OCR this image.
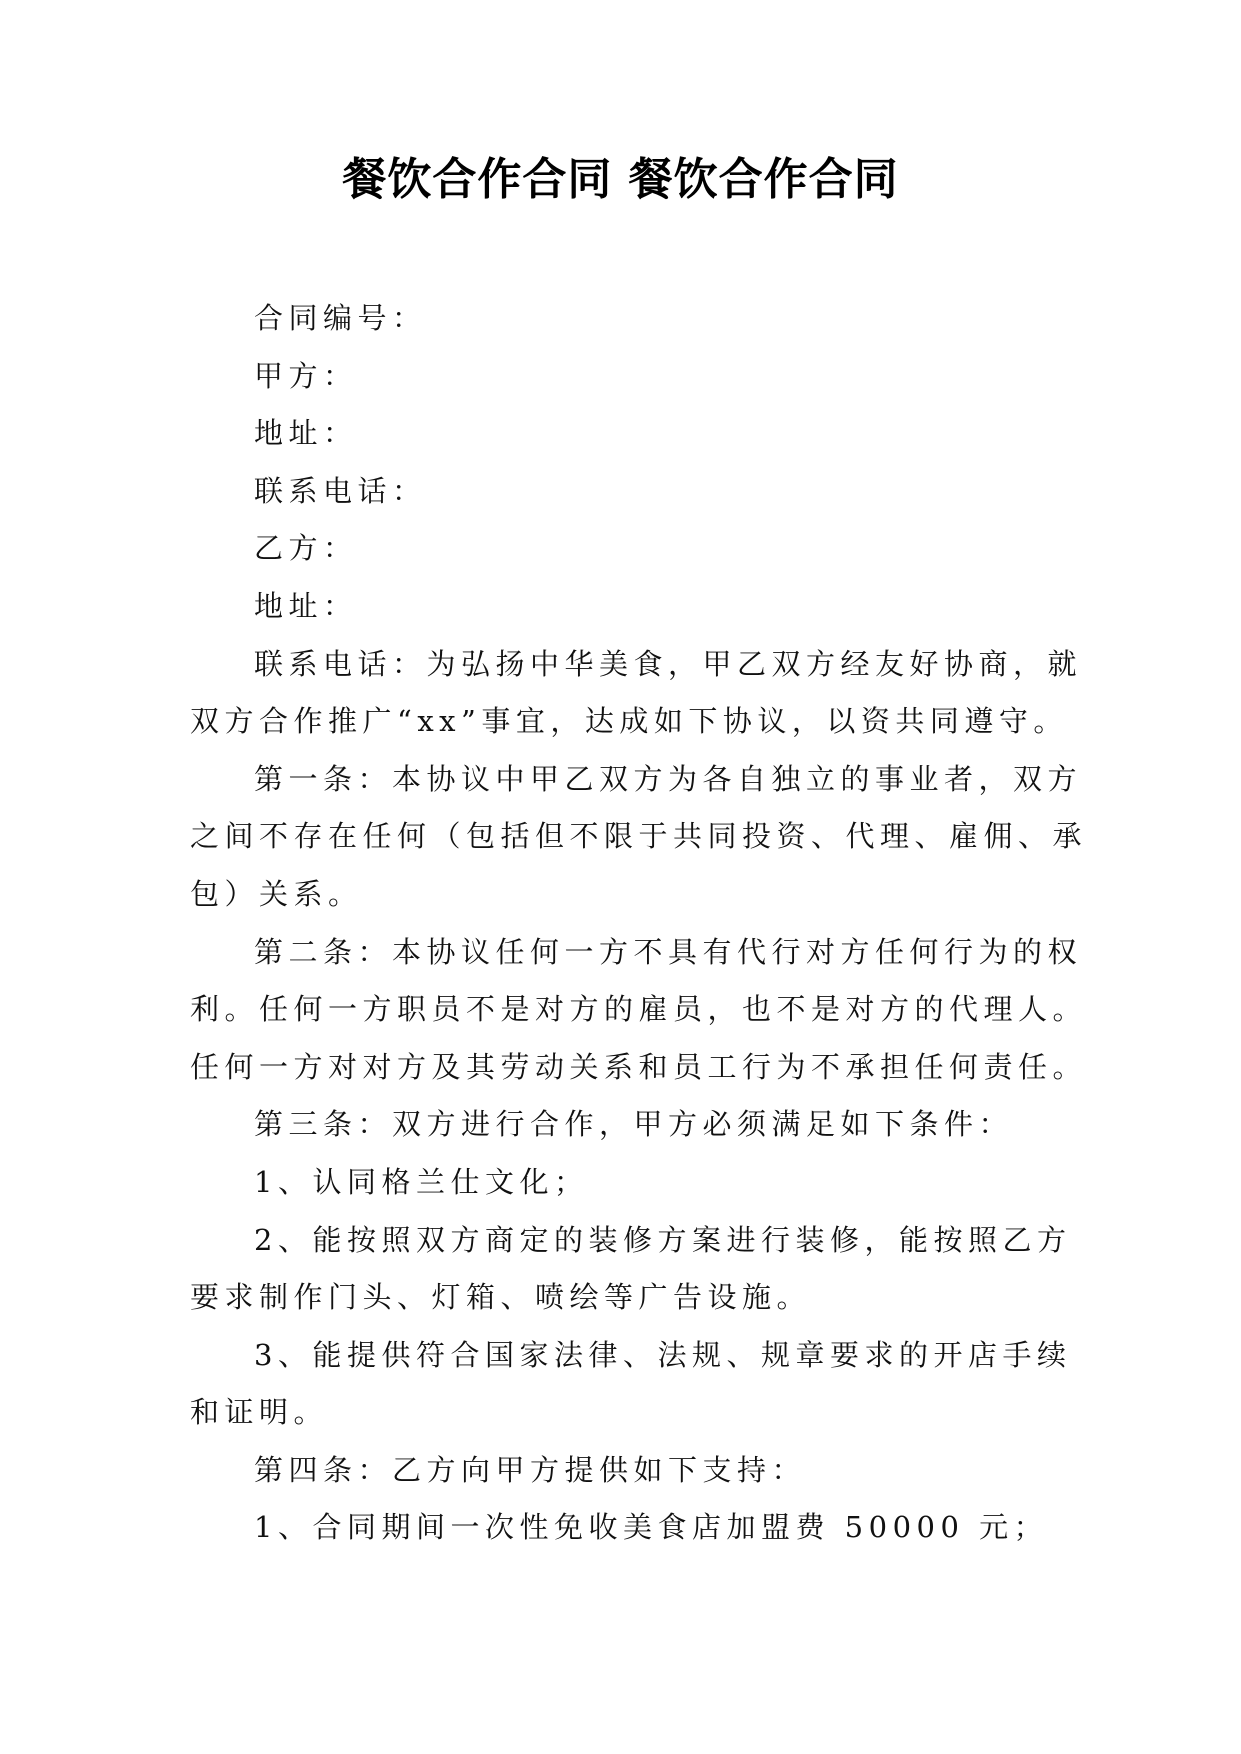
餐饮合作合同 餐饮合作合同

合同编号：

甲方：

地址：

联系电话：

乙方：

地址：

联系电话：为弘扬中华美食，甲乙双方经友好协商，就

双方合作推广“xx”事宜，达成如下协议，以资共同遵守。

第一条：本协议中甲乙双方为各自独立的事业者，双方

之间不存在任何（包括但不限于共同投资、代理、雇佣、承

包）关系。

第二条：本协议任何一方不具有代行对方任何行为的权

利。任何一方职员不是对方的雇员，也不是对方的代理人。

任何一方对对方及其劳动关系和员工行为不承担任何责任。

第三条：双方进行合作，甲方必须满足如下条件：

1、认同格兰仕文化；

2、能按照双方商定的装修方案进行装修，能按照乙方

要求制作门头、灯箱、喷绘等广告设施。

3、能提供符合国家法律、法规、规章要求的开店手续

和证明。

第四条：乙方向甲方提供如下支持：

1、合同期间一次性免收美食店加盟费 50000 元；
